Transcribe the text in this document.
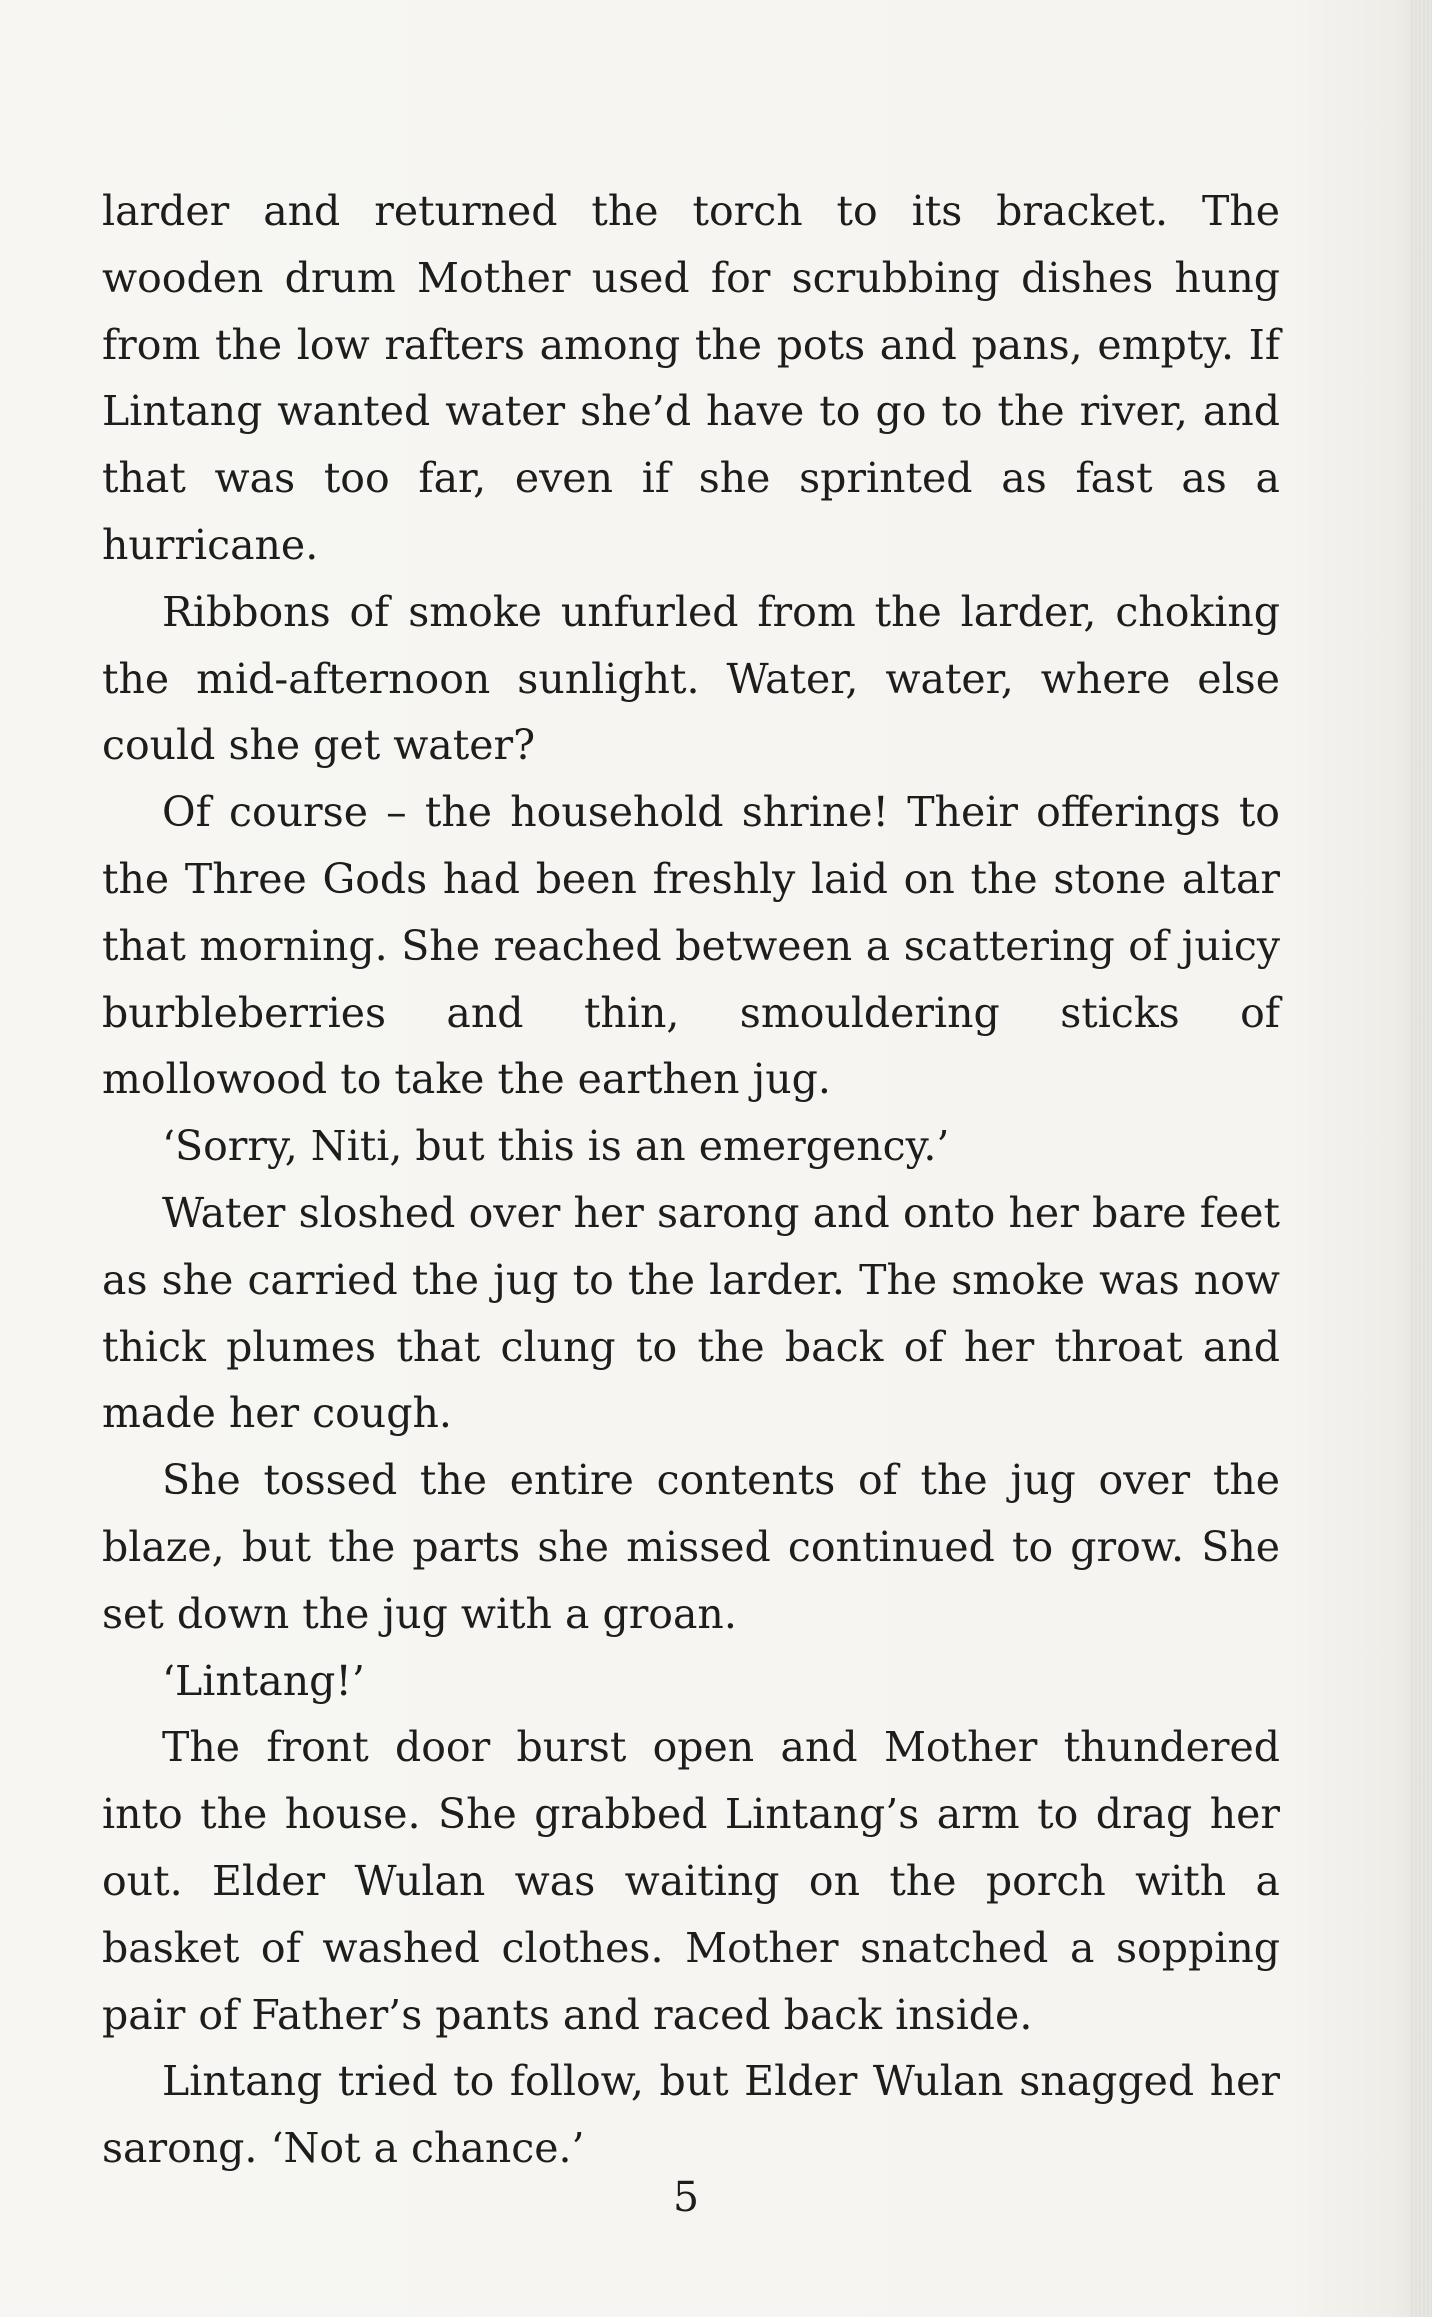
larder and returned the torch to its bracket. The wooden drum Mother used for scrubbing dishes hung from the low rafters among the pots and pans, empty. If Lintang wanted water she’d have to go to the river, and that was too far, even if she sprinted as fast as a hurricane.

Ribbons of smoke unfurled from the larder, choking the mid-afternoon sunlight. Water, water, where else could she get water?

Of course – the household shrine! Their offerings to the Three Gods had been freshly laid on the stone altar that morning. She reached between a scattering of juicy burbleberries and thin, smouldering sticks of mollowood to take the earthen jug.

‘Sorry, Niti, but this is an emergency.’

Water sloshed over her sarong and onto her bare feet as she carried the jug to the larder. The smoke was now thick plumes that clung to the back of her throat and made her cough.

She tossed the entire contents of the jug over the blaze, but the parts she missed continued to grow. She set down the jug with a groan.

‘Lintang!’

The front door burst open and Mother thundered into the house. She grabbed Lintang’s arm to drag her out. Elder Wulan was waiting on the porch with a basket of washed clothes. Mother snatched a sopping pair of Father’s pants and raced back inside.

Lintang tried to follow, but Elder Wulan snagged her sarong. ‘Not a chance.’

5
